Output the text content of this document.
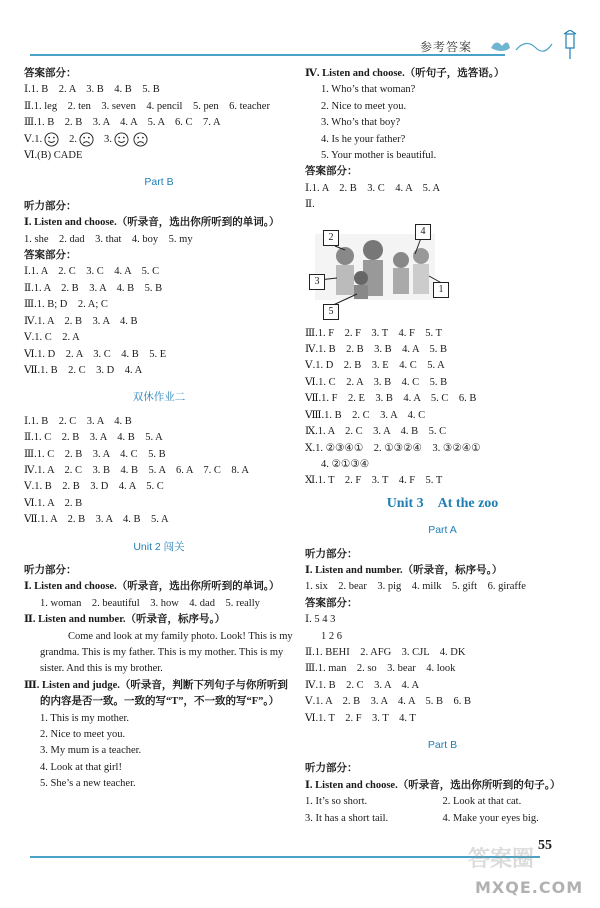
参考答案
答案部分：
Ⅰ.1. B　2. A　3. B　4. B　5. B
Ⅱ.1. leg　2. ten　3. seven　4. pencil　5. pen　6. teacher
Ⅲ.1. B　2. B　3. A　4. A　5. A　6. C　7. A
Ⅴ.1.	2.	3.
Ⅵ.(B) CADE
Part B
听力部分：
Ⅰ. Listen and choose.（听录音，选出你所听到的单词。）
1. she　2. dad　3. that　4. boy　5. my
答案部分：
Ⅰ.1. A　2. C　3. C　4. A　5. C
Ⅱ.1. A　2. B　3. A　4. B　5. B
Ⅲ.1. B; D　2. A; C
Ⅳ.1. A　2. B　3. A　4. B
Ⅴ.1. C　2. A
Ⅵ.1. D　2. A　3. C　4. B　5. E
Ⅶ.1. B　2. C　3. D　4. A
双休作业二
Ⅰ.1. B　2. C　3. A　4. B
Ⅱ.1. C　2. B　3. A　4. B　5. A
Ⅲ.1. C　2. B　3. A　4. C　5. B
Ⅳ.1. A　2. C　3. B　4. B　5. A　6. A　7. C　8. A
Ⅴ.1. B　2. B　3. D　4. A　5. C
Ⅵ.1. A　2. B
Ⅶ.1. A　2. B　3. A　4. B　5. A
Unit 2 闯关
听力部分：
Ⅰ. Listen and choose.（听录音，选出你所听到的单词。）
1. woman　2. beautiful　3. how　4. dad　5. really
Ⅱ. Listen and number.（听录音，标序号。）
Come and look at my family photo. Look! This is my grandma. This is my father. This is my mother. This is my sister. And this is my brother.
Ⅲ. Listen and judge.（听录音，判断下列句子与你所听到
的内容是否一致。一致的写“T”，不一致的写“F”。）
1. This is my mother.
2. Nice to meet you.
3. My mum is a teacher.
4. Look at that girl!
5. She’s a new teacher.
Ⅳ. Listen and choose.（听句子，选答语。）
1. Who’s that woman?
2. Nice to meet you.
3. Who’s that boy?
4. Is he your father?
5. Your mother is beautiful.
答案部分：
Ⅰ.1. A　2. B　3. C　4. A　5. A
Ⅱ.
2
4
3
1
5
Ⅲ.1. F　2. F　3. T　4. F　5. T
Ⅳ.1. B　2. B　3. B　4. A　5. B
Ⅴ.1. D　2. B　3. E　4. C　5. A
Ⅵ.1. C　2. A　3. B　4. C　5. B
Ⅶ.1. F　2. E　3. B　4. A　5. C　6. B
Ⅷ.1. B　2. C　3. A　4. C
Ⅸ.1. A　2. C　3. A　4. B　5. C
Ⅹ.1. ②③④①　2. ①③②④　3. ③②④①
4. ②①③④
Ⅺ.1. T　2. F　3. T　4. F　5. T
Unit 3　At the zoo
Part A
听力部分：
Ⅰ. Listen and number.（听录音，标序号。）
1. six　2. bear　3. pig　4. milk　5. gift　6. giraffe
答案部分：
Ⅰ. 5 4 3
1 2 6
Ⅱ.1. BEHI　2. AFG　3. CJL　4. DK
Ⅲ.1. man　2. so　3. bear　4. look
Ⅳ.1. B　2. C　3. A　4. A
Ⅴ.1. A　2. B　3. A　4. A　5. B　6. B
Ⅵ.1. T　2. F　3. T　4. T
Part B
听力部分：
Ⅰ. Listen and choose.（听录音，选出你所听到的句子。）
1. It’s so short.	2. Look at that cat.
3. It has a short tail.	4. Make your eyes big.
答案圈
MXQE.COM
55
